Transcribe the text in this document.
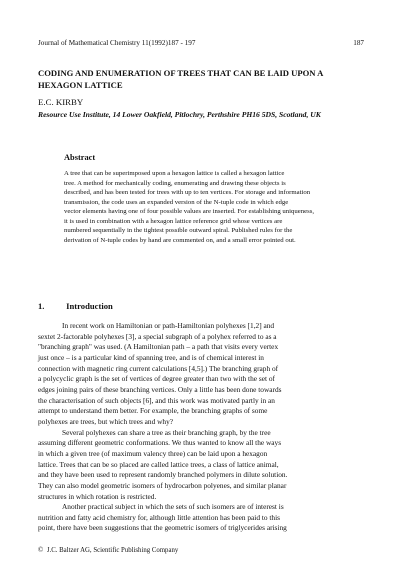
Journal of Mathematical Chemistry 11(1992)187 - 197	187
CODING AND ENUMERATION OF TREES THAT CAN BE LAID UPON A
HEXAGON LATTICE
E.C. KIRBY
Resource Use Institute, 14 Lower Oakfield, Pitlochry, Perthshire PH16 5DS, Scotland, UK
Abstract
A tree that can be superimposed upon a hexagon lattice is called a hexagon lattice
tree. A method for mechanically coding, enumerating and drawing these objects is
described, and has been tested for trees with up to ten vertices. For storage and information
transmission, the code uses an expanded version of the N-tuple code in which edge
vector elements having one of four possible values are inserted. For establishing uniqueness,
it is used in combination with a hexagon lattice reference grid whose vertices are
numbered sequentially in the tightest possible outward spiral. Published rules for the
derivation of N-tuple codes by hand are commented on, and a small error pointed out.
1.	Introduction
In recent work on Hamiltonian or path-Hamiltonian polyhexes [1,2] and
sextet 2-factorable polyhexes [3], a special subgraph of a polyhex referred to as a
"branching graph" was used. (A Hamiltonian path – a path that visits every vertex
just once – is a particular kind of spanning tree, and is of chemical interest in
connection with magnetic ring current calculations [4,5].) The branching graph of
a polycyclic graph is the set of vertices of degree greater than two with the set of
edges joining pairs of these branching vertices. Only a little has been done towards
the characterisation of such objects [6], and this work was motivated partly in an
attempt to understand them better. For example, the branching graphs of some
polyhexes are trees, but which trees and why?
Several polyhexes can share a tree as their branching graph, by the tree
assuming different geometric conformations. We thus wanted to know all the ways
in which a given tree (of maximum valency three) can be laid upon a hexagon
lattice. Trees that can be so placed are called lattice trees, a class of lattice animal,
and they have been used to represent randomly branched polymers in dilute solution.
They can also model geometric isomers of hydrocarbon polyenes, and similar planar
structures in which rotation is restricted.
Another practical subject in which the sets of such isomers are of interest is
nutrition and fatty acid chemistry for, although little attention has been paid to this
point, there have been suggestions that the geometric isomers of triglycerides arising
© J.C. Baltzer AG, Scientific Publishing Company
